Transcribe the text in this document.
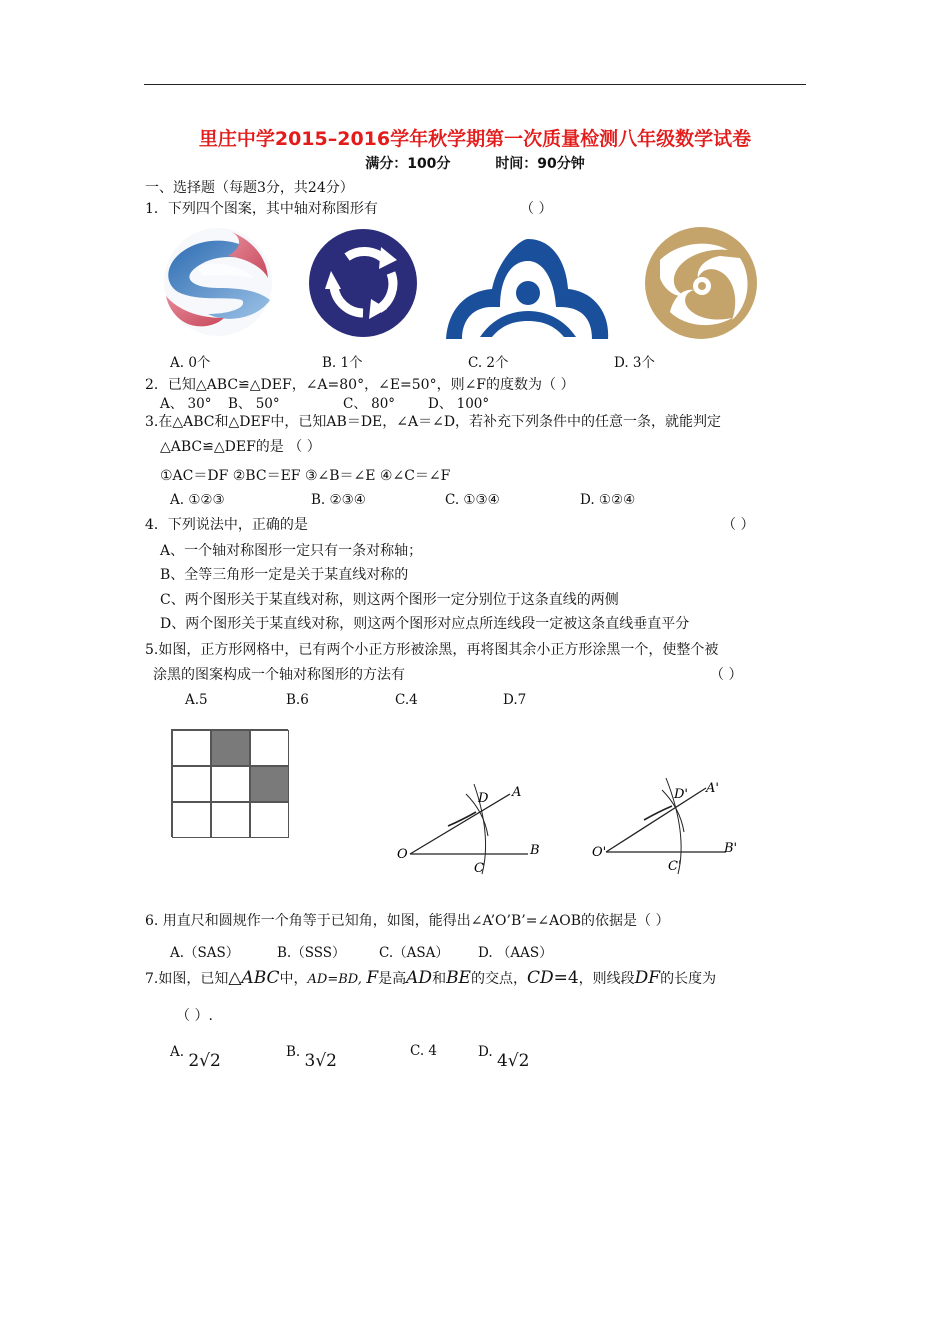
里庄中学2015–2016学年秋学期第一次质量检测八年级数学试卷
满分：100分	时间：90分钟
一、选择题（每题3分，共24分）
1．下列四个图案，其中轴对称图形有	（ ）
A. 0个	B. 1个	C. 2个	D. 3个
2．已知△ABC≌△DEF，∠A=80°，∠E=50°，则∠F的度数为（ ）
A、 30° B、 50°	C、 80° D、 100°
3.在△ABC和△DEF中，已知AB＝DE，∠A＝∠D，若补充下列条件中的任意一条，就能判定
△ABC≌△DEF的是 （ ）
①AC＝DF ②BC＝EF ③∠B＝∠E ④∠C＝∠F
A. ①②③	B. ②③④	C. ①③④	D. ①②④
4．下列说法中，正确的是	（ ）
A、一个轴对称图形一定只有一条对称轴；
B、全等三角形一定是关于某直线对称的
C、两个图形关于某直线对称，则这两个图形一定分别位于这条直线的两侧
D、两个图形关于某直线对称，则这两个图形对应点所连线段一定被这条直线垂直平分
5.如图，正方形网格中，已有两个小正方形被涂黑，再将图其余小正方形涂黑一个，使整个被
涂黑的图案构成一个轴对称图形的方法有	（ ）
A.5	B.6	C.4	D.7
O
A
B
C
D
O'
A'
B'
C'
D'
6. 用直尺和圆规作一个角等于已知角，如图，能得出∠A’O’B’=∠AOB的依据是（ ）
A.（SAS）	B.（SSS） C.（ASA） D. （AAS）
7.如图，已知△ABC中，AD=BD, F是高AD和BE的交点，CD=4，则线段DF的长度为
（ ）.
A. 2√2	B. 3√2	C. 4	D. 4√2
